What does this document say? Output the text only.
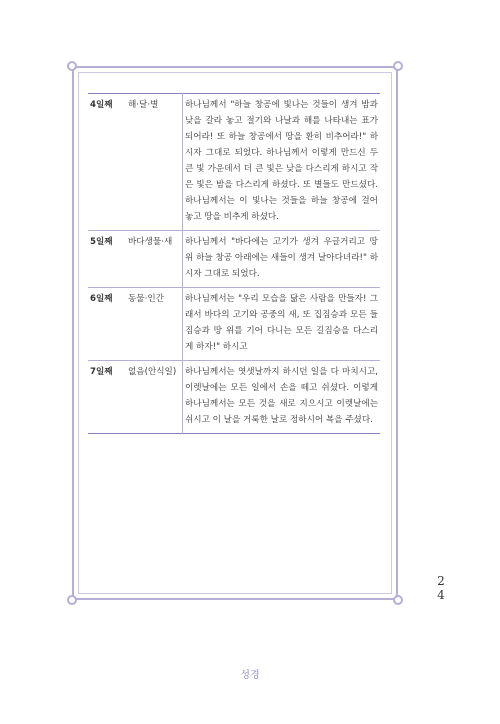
4일째	해·달·별	하나님께서 "하늘 창공에 빛나는 것들이 생겨 밤과 낮을 갈라 놓고 절기와 나날과 해를 나타내는 표가 되어라! 또 하늘 창공에서 땅을 환히 비추어라!" 하시자 그대로 되었다. 하나님께서 이렇게 만드신 두 큰 빛 가운데서 더 큰 빛은 낮을 다스리게 하시고 작은 빛은 밤을 다스리게 하셨다. 또 별들도 만드셨다. 하나님께서는 이 빛나는 것들을 하늘 창공에 걸어 놓고 땅을 비추게 하셨다.
5일째	바다생물·새	하나님께서 "바다에는 고기가 생겨 우글거리고 땅 위 하늘 창공 아래에는 새들이 생겨 날아다녀라!" 하시자 그대로 되었다.
6일째	동물·인간	하나님께서는 "우리 모습을 닮은 사람을 만들자! 그래서 바다의 고기와 공중의 새, 또 집짐승과 모든 들짐승과 땅 위를 기어 다니는 모든 길짐승을 다스리게 하자!" 하시고
7일째	없음(안식일)	하나님께서는 엿샛날까지 하시던 일을 다 마치시고, 이렛날에는 모든 일에서 손을 떼고 쉬셨다. 이렇게 하나님께서는 모든 것을 새로 지으시고 이렛날에는 쉬시고 이 날을 거룩한 날로 정하시어 복을 주셨다.
2
4
성경
